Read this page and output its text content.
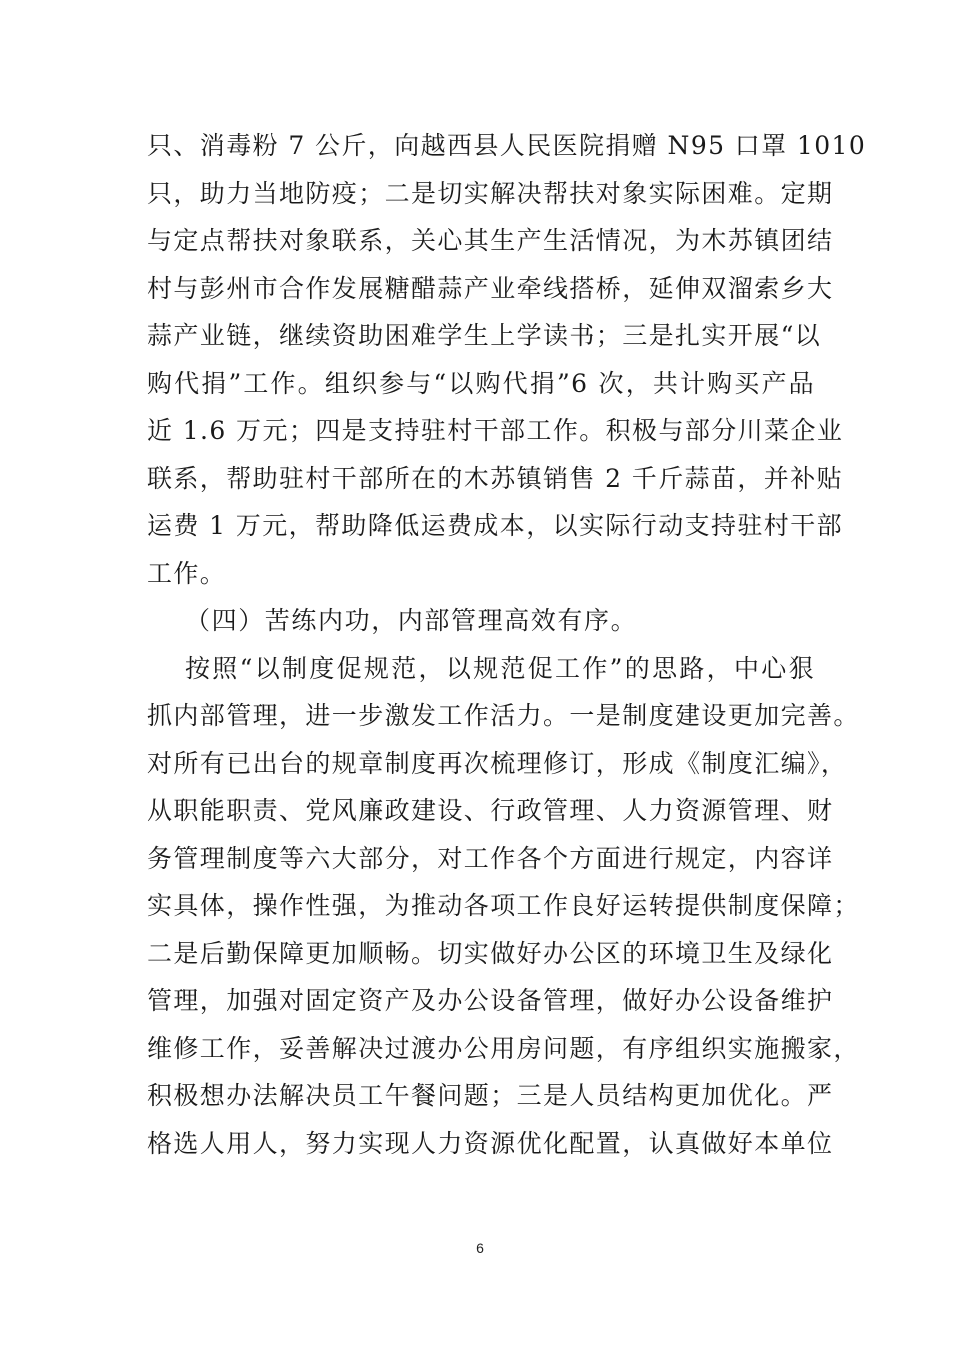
只、消毒粉 7 公斤，向越西县人民医院捐赠 N95 口罩 1010
只，助力当地防疫；二是切实解决帮扶对象实际困难。定期
与定点帮扶对象联系，关心其生产生活情况，为木苏镇团结
村与彭州市合作发展糖醋蒜产业牵线搭桥，延伸双溜索乡大
蒜产业链，继续资助困难学生上学读书；三是扎实开展“以
购代捐”工作。组织参与“以购代捐”6 次，共计购买产品
近 1.6 万元；四是支持驻村干部工作。积极与部分川菜企业
联系，帮助驻村干部所在的木苏镇销售 2 千斤蒜苗，并补贴
运费 1 万元，帮助降低运费成本，以实际行动支持驻村干部
工作。
（四）苦练内功，内部管理高效有序。
按照“以制度促规范，以规范促工作”的思路，中心狠
抓内部管理，进一步激发工作活力。一是制度建设更加完善。
对所有已出台的规章制度再次梳理修订，形成《制度汇编》，
从职能职责、党风廉政建设、行政管理、人力资源管理、财
务管理制度等六大部分，对工作各个方面进行规定，内容详
实具体，操作性强，为推动各项工作良好运转提供制度保障；
二是后勤保障更加顺畅。切实做好办公区的环境卫生及绿化
管理，加强对固定资产及办公设备管理，做好办公设备维护
维修工作，妥善解决过渡办公用房问题，有序组织实施搬家，
积极想办法解决员工午餐问题；三是人员结构更加优化。严
格选人用人，努力实现人力资源优化配置，认真做好本单位
6
